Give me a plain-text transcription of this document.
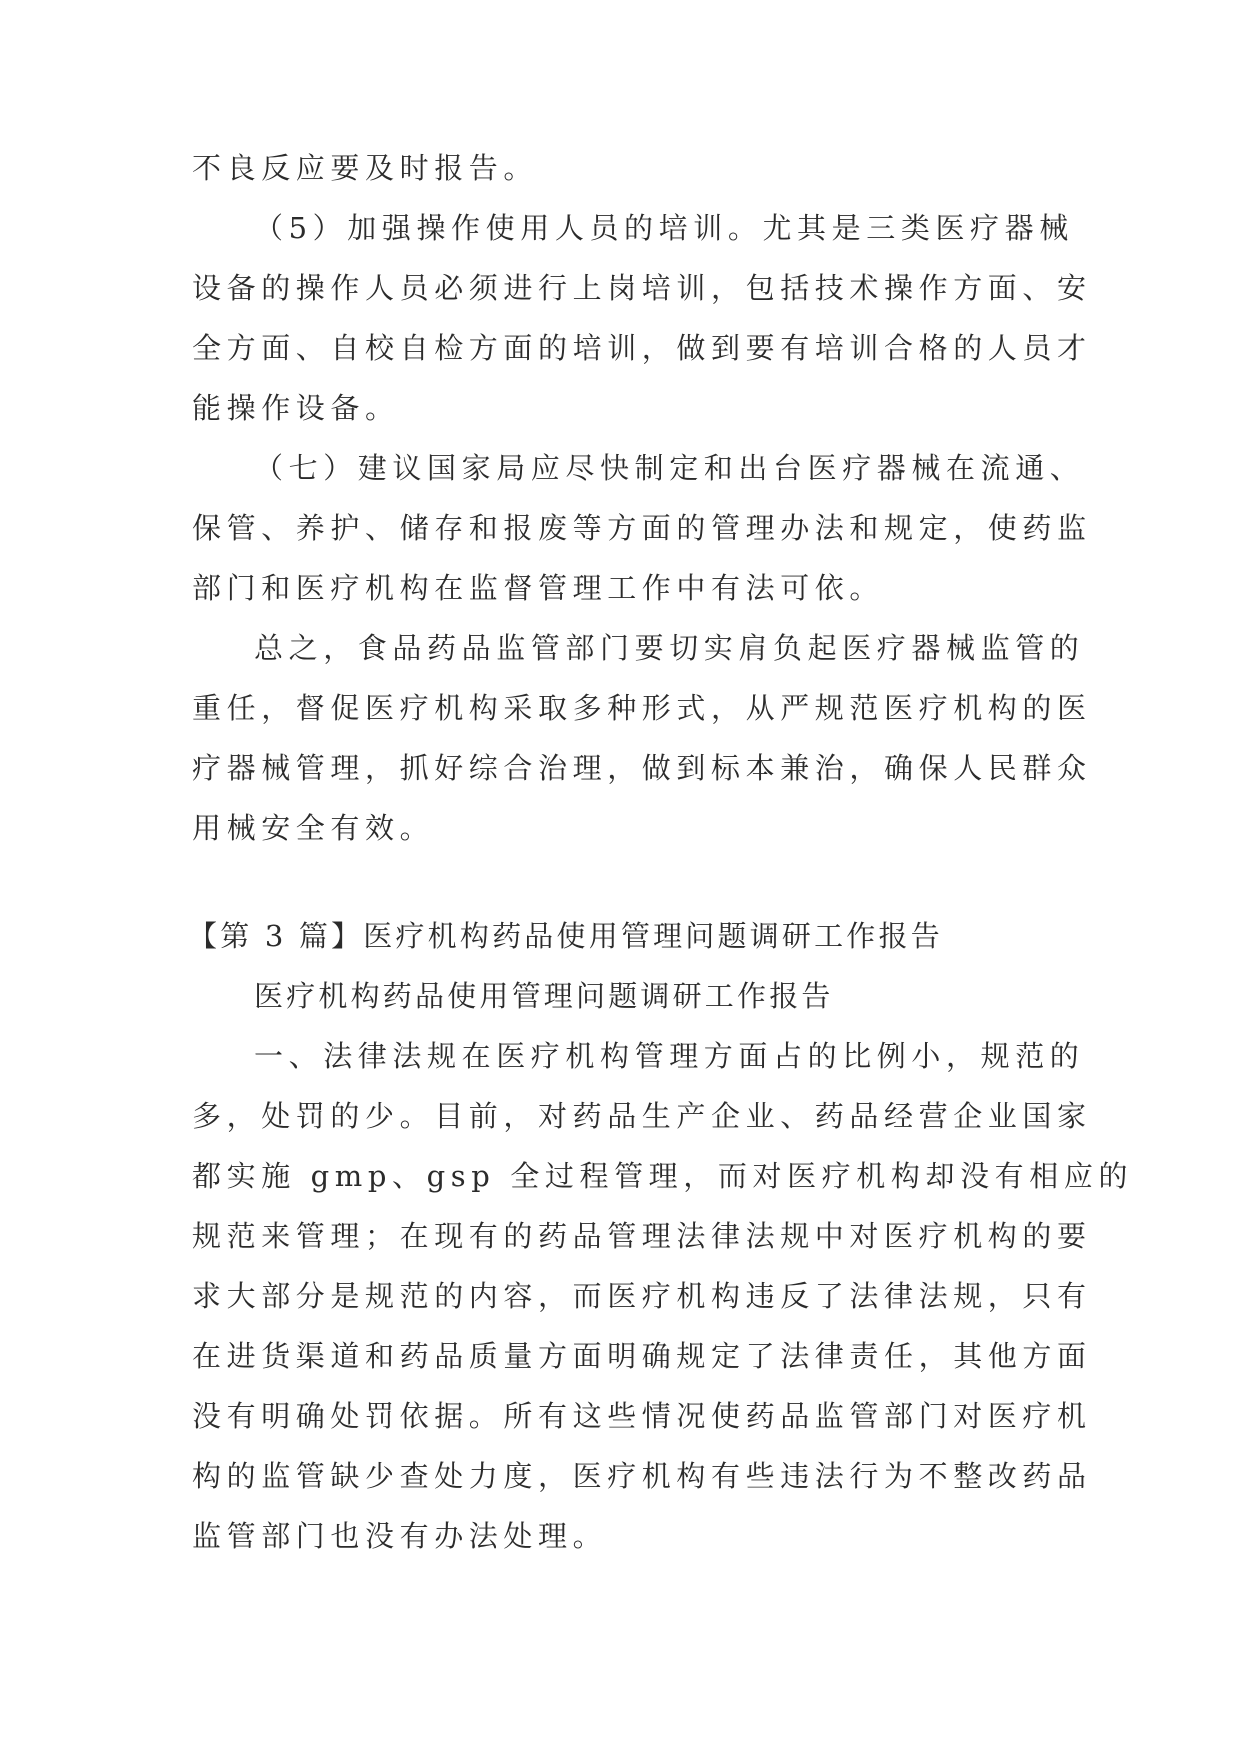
不良反应要及时报告。
（5）加强操作使用人员的培训。尤其是三类医疗器械
设备的操作人员必须进行上岗培训，包括技术操作方面、安
全方面、自校自检方面的培训，做到要有培训合格的人员才
能操作设备。
（七）建议国家局应尽快制定和出台医疗器械在流通、
保管、养护、储存和报废等方面的管理办法和规定，使药监
部门和医疗机构在监督管理工作中有法可依。
总之，食品药品监管部门要切实肩负起医疗器械监管的
重任，督促医疗机构采取多种形式，从严规范医疗机构的医
疗器械管理，抓好综合治理，做到标本兼治，确保人民群众
用械安全有效。
【第 3 篇】医疗机构药品使用管理问题调研工作报告
医疗机构药品使用管理问题调研工作报告
一、法律法规在医疗机构管理方面占的比例小，规范的
多，处罚的少。目前，对药品生产企业、药品经营企业国家
都实施 gmp、gsp 全过程管理，而对医疗机构却没有相应的
规范来管理；在现有的药品管理法律法规中对医疗机构的要
求大部分是规范的内容，而医疗机构违反了法律法规，只有
在进货渠道和药品质量方面明确规定了法律责任，其他方面
没有明确处罚依据。所有这些情况使药品监管部门对医疗机
构的监管缺少查处力度，医疗机构有些违法行为不整改药品
监管部门也没有办法处理。
